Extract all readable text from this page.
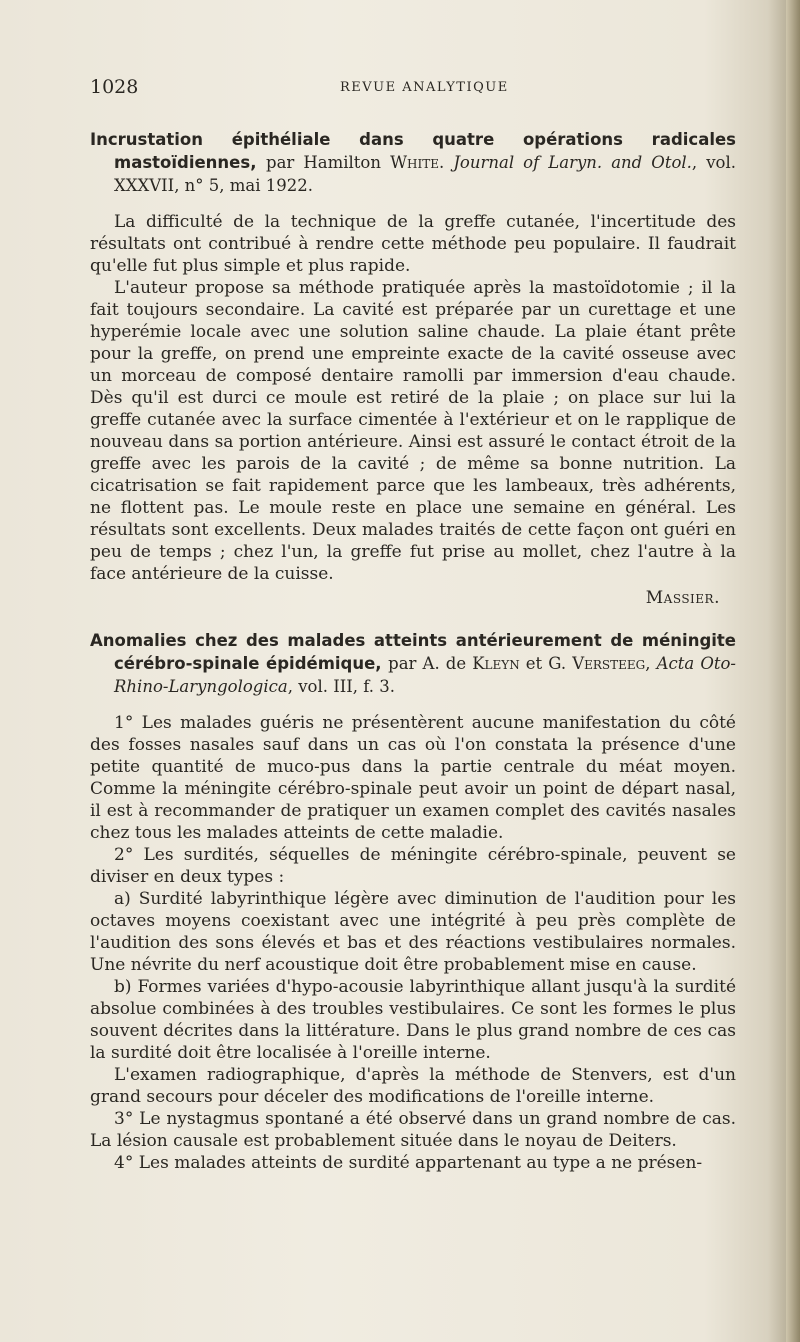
1028	REVUE ANALYTIQUE
Incrustation épithéliale dans quatre opérations radicales mastoïdiennes, par Hamilton White. Journal of Laryn. and Otol., vol. XXXVII, n° 5, mai 1922.

La difficulté de la technique de la greffe cutanée, l'incertitude des résultats ont contribué à rendre cette méthode peu populaire. Il faudrait qu'elle fut plus simple et plus rapide.

L'auteur propose sa méthode pratiquée après la mastoïdotomie ; il la fait toujours secondaire. La cavité est préparée par un curettage et une hyperémie locale avec une solution saline chaude. La plaie étant prête pour la greffe, on prend une empreinte exacte de la cavité osseuse avec un morceau de composé dentaire ramolli par immersion d'eau chaude. Dès qu'il est durci ce moule est retiré de la plaie ; on place sur lui la greffe cutanée avec la surface cimentée à l'extérieur et on le rapplique de nouveau dans sa portion antérieure. Ainsi est assuré le contact étroit de la greffe avec les parois de la cavité ; de même sa bonne nutrition. La cicatrisation se fait rapidement parce que les lambeaux, très adhérents, ne flottent pas. Le moule reste en place une semaine en général. Les résultats sont excellents. Deux malades traités de cette façon ont guéri en peu de temps ; chez l'un, la greffe fut prise au mollet, chez l'autre à la face antérieure de la cuisse.

Massier.
Anomalies chez des malades atteints antérieurement de méningite cérébro-spinale épidémique, par A. de Kleyn et G. Versteeg, Acta Oto-Rhino-Laryngologica, vol. III, f. 3.

1° Les malades guéris ne présentèrent aucune manifestation du côté des fosses nasales sauf dans un cas où l'on constata la présence d'une petite quantité de muco-pus dans la partie centrale du méat moyen. Comme la méningite cérébro-spinale peut avoir un point de départ nasal, il est à recommander de pratiquer un examen complet des cavités nasales chez tous les malades atteints de cette maladie.

2° Les surdités, séquelles de méningite cérébro-spinale, peuvent se diviser en deux types :

a) Surdité labyrinthique légère avec diminution de l'audition pour les octaves moyens coexistant avec une intégrité à peu près complète de l'audition des sons élevés et bas et des réactions vestibulaires normales. Une névrite du nerf acoustique doit être probablement mise en cause.

b) Formes variées d'hypo-acousie labyrinthique allant jusqu'à la surdité absolue combinées à des troubles vestibulaires. Ce sont les formes le plus souvent décrites dans la littérature. Dans le plus grand nombre de ces cas la surdité doit être localisée à l'oreille interne.

L'examen radiographique, d'après la méthode de Stenvers, est d'un grand secours pour déceler des modifications de l'oreille interne.

3° Le nystagmus spontané a été observé dans un grand nombre de cas. La lésion causale est probablement située dans le noyau de Deiters.

4° Les malades atteints de surdité appartenant au type a ne présen-
